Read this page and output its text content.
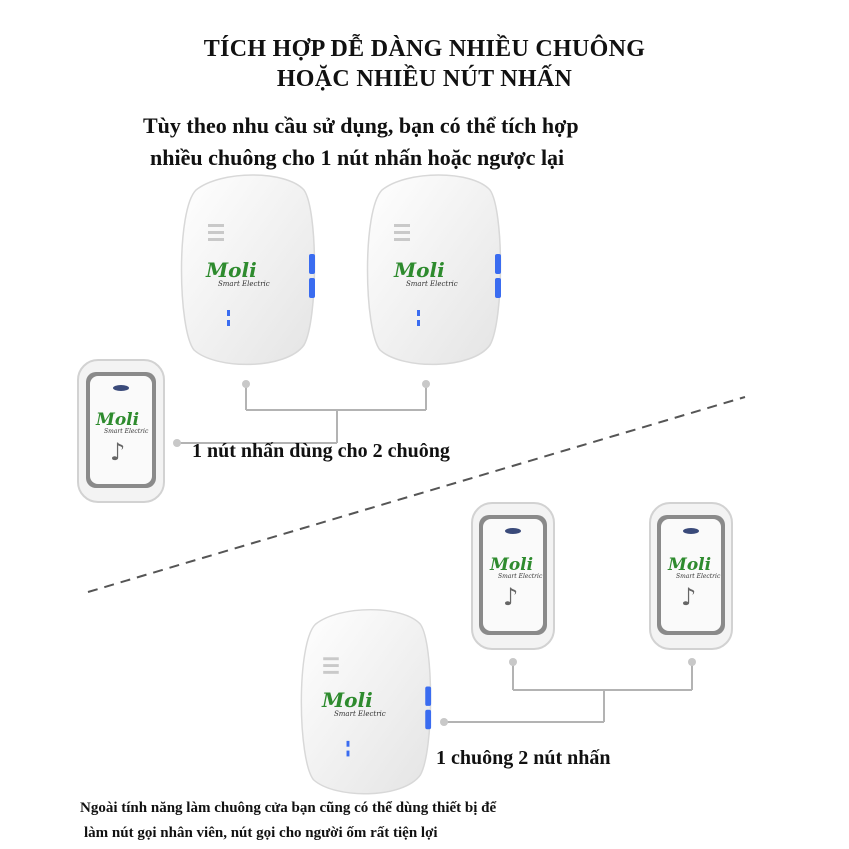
TÍCH HỢP DỄ DÀNG NHIỀU CHUÔNG
HOẶC NHIỀU NÚT NHẤN
Tùy theo nhu cầu sử dụng, bạn có thể tích hợp
nhiều chuông cho 1 nút nhấn hoặc ngược lại
Moli
Smart Electric
Moli
Smart Electric
Moli
Smart Electric
♪	1 nút nhấn dùng cho 2 chuông
Moli
Smart Electric
♪
Moli
Smart Electric
♪
Moli
Smart Electric
1 chuông 2 nút nhấn
Ngoài tính năng làm chuông cửa bạn cũng có thể dùng thiết bị để
làm nút gọi nhân viên, nút gọi cho người ốm rất tiện lợi
